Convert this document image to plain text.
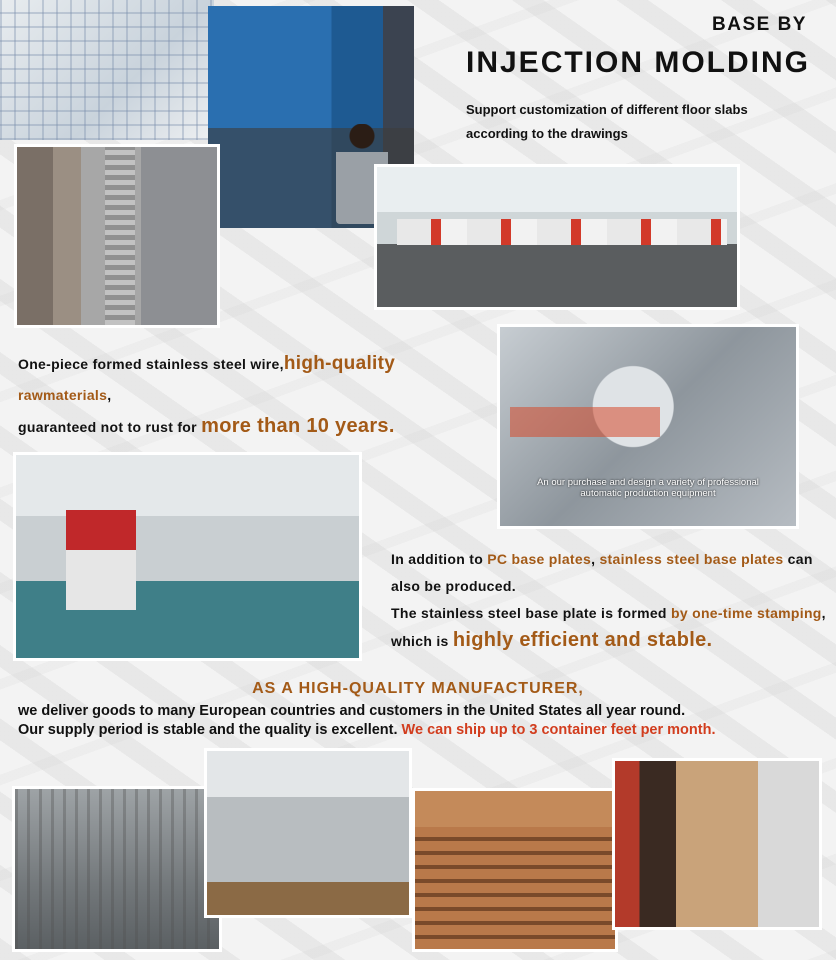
An our purchase and design a variety of professional
automatic production equipment
BASE BY
INJECTION MOLDING
Support customization of different floor slabs
according to the drawings
One-piece formed stainless steel wire,high-quality
rawmaterials,
guaranteed not to rust for more than 10 years.
In addition to PC base plates, stainless steel base plates can also be produced.
The stainless steel base plate is formed by one-time stamping, which is highly efficient and stable.
AS A HIGH-QUALITY MANUFACTURER,
we deliver goods to many European countries and customers in the United States all year round.
Our supply period is stable and the quality is excellent. We can ship up to 3 container feet per month.
